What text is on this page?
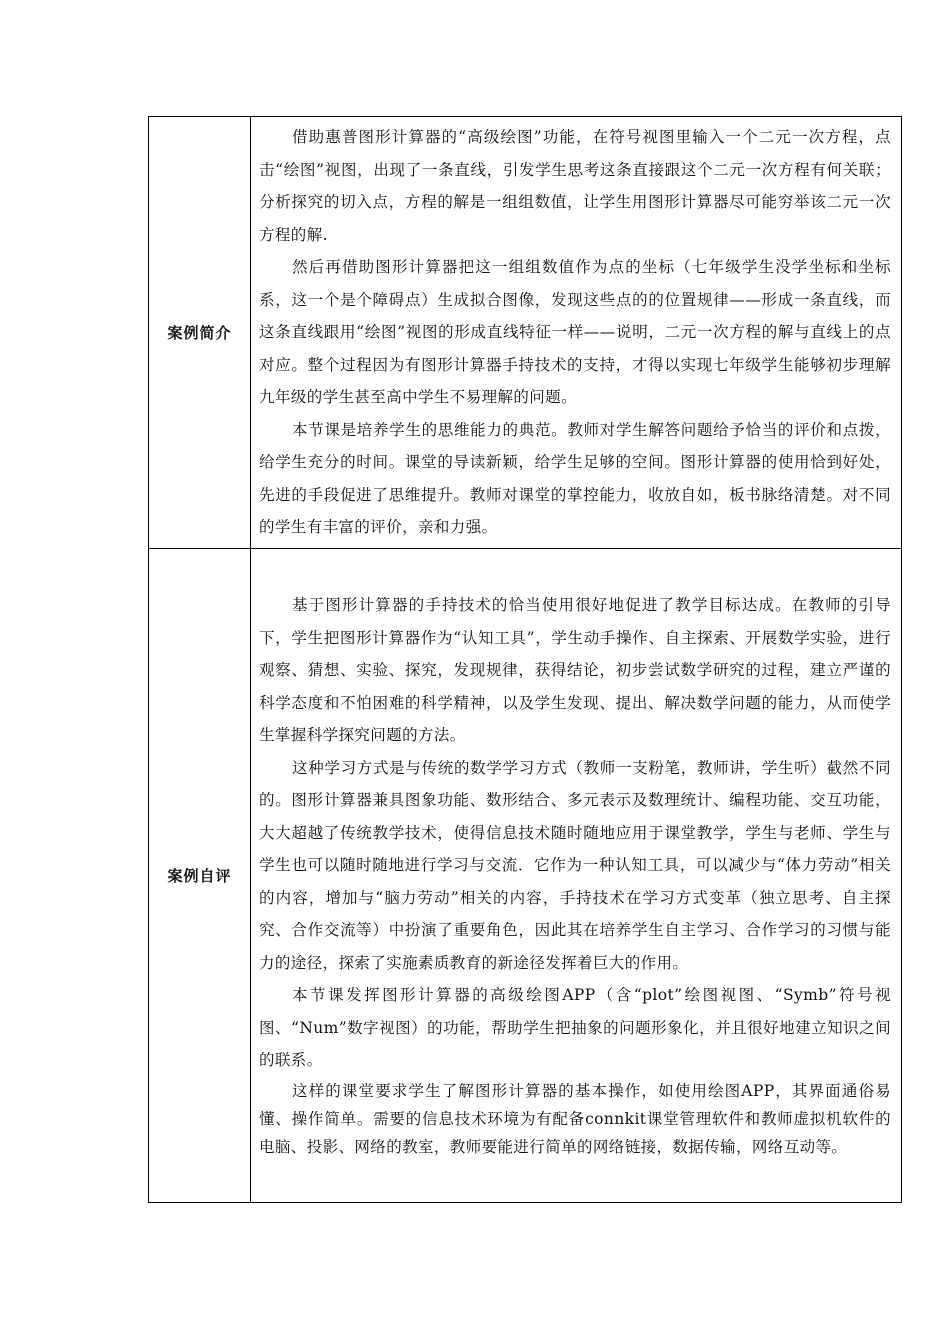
案例简介	借助惠普图形计算器的“高级绘图”功能，在符号视图里输入一个二元一次方程，点击“绘图”视图，出现了一条直线，引发学生思考这条直接跟这个二元一次方程有何关联；分析探究的切入点，方程的解是一组组数值，让学生用图形计算器尽可能穷举该二元一次方程的解.

然后再借助图形计算器把这一组组数值作为点的坐标（七年级学生没学坐标和坐标系，这一个是个障碍点）生成拟合图像，发现这些点的的位置规律——形成一条直线，而这条直线跟用“绘图”视图的形成直线特征一样——说明，二元一次方程的解与直线上的点对应。整个过程因为有图形计算器手持技术的支持，才得以实现七年级学生能够初步理解九年级的学生甚至高中学生不易理解的问题。

本节课是培养学生的思维能力的典范。教师对学生解答问题给予恰当的评价和点拨，给学生充分的时间。课堂的导读新颖，给学生足够的空间。图形计算器的使用恰到好处，先进的手段促进了思维提升。教师对课堂的掌控能力，收放自如，板书脉络清楚。对不同的学生有丰富的评价，亲和力强。

案例自评	基于图形计算器的手持技术的恰当使用很好地促进了教学目标达成。在教师的引导下，学生把图形计算器作为“认知工具”，学生动手操作、自主探索、开展数学实验，进行观察、猜想、实验、探究，发现规律，获得结论，初步尝试数学研究的过程，建立严谨的科学态度和不怕困难的科学精神，以及学生发现、提出、解决数学问题的能力，从而使学生掌握科学探究问题的方法。

这种学习方式是与传统的数学学习方式（教师一支粉笔，教师讲，学生听）截然不同的。图形计算器兼具图象功能、数形结合、多元表示及数理统计、编程功能、交互功能，大大超越了传统教学技术，使得信息技术随时随地应用于课堂教学，学生与老师、学生与学生也可以随时随地进行学习与交流．它作为一种认知工具，可以减少与“体力劳动”相关的内容，增加与“脑力劳动”相关的内容，手持技术在学习方式变革（独立思考、自主探究、合作交流等）中扮演了重要角色，因此其在培养学生自主学习、合作学习的习惯与能力的途径，探索了实施素质教育的新途径发挥着巨大的作用。

本节课发挥图形计算器的高级绘图APP（含“plot”绘图视图、“Symb”符号视图、“Num”数字视图）的功能，帮助学生把抽象的问题形象化，并且很好地建立知识之间的联系。

这样的课堂要求学生了解图形计算器的基本操作，如使用绘图APP，其界面通俗易懂、操作简单。需要的信息技术环境为有配备connkit课堂管理软件和教师虚拟机软件的电脑、投影、网络的教室，教师要能进行简单的网络链接，数据传输，网络互动等。
